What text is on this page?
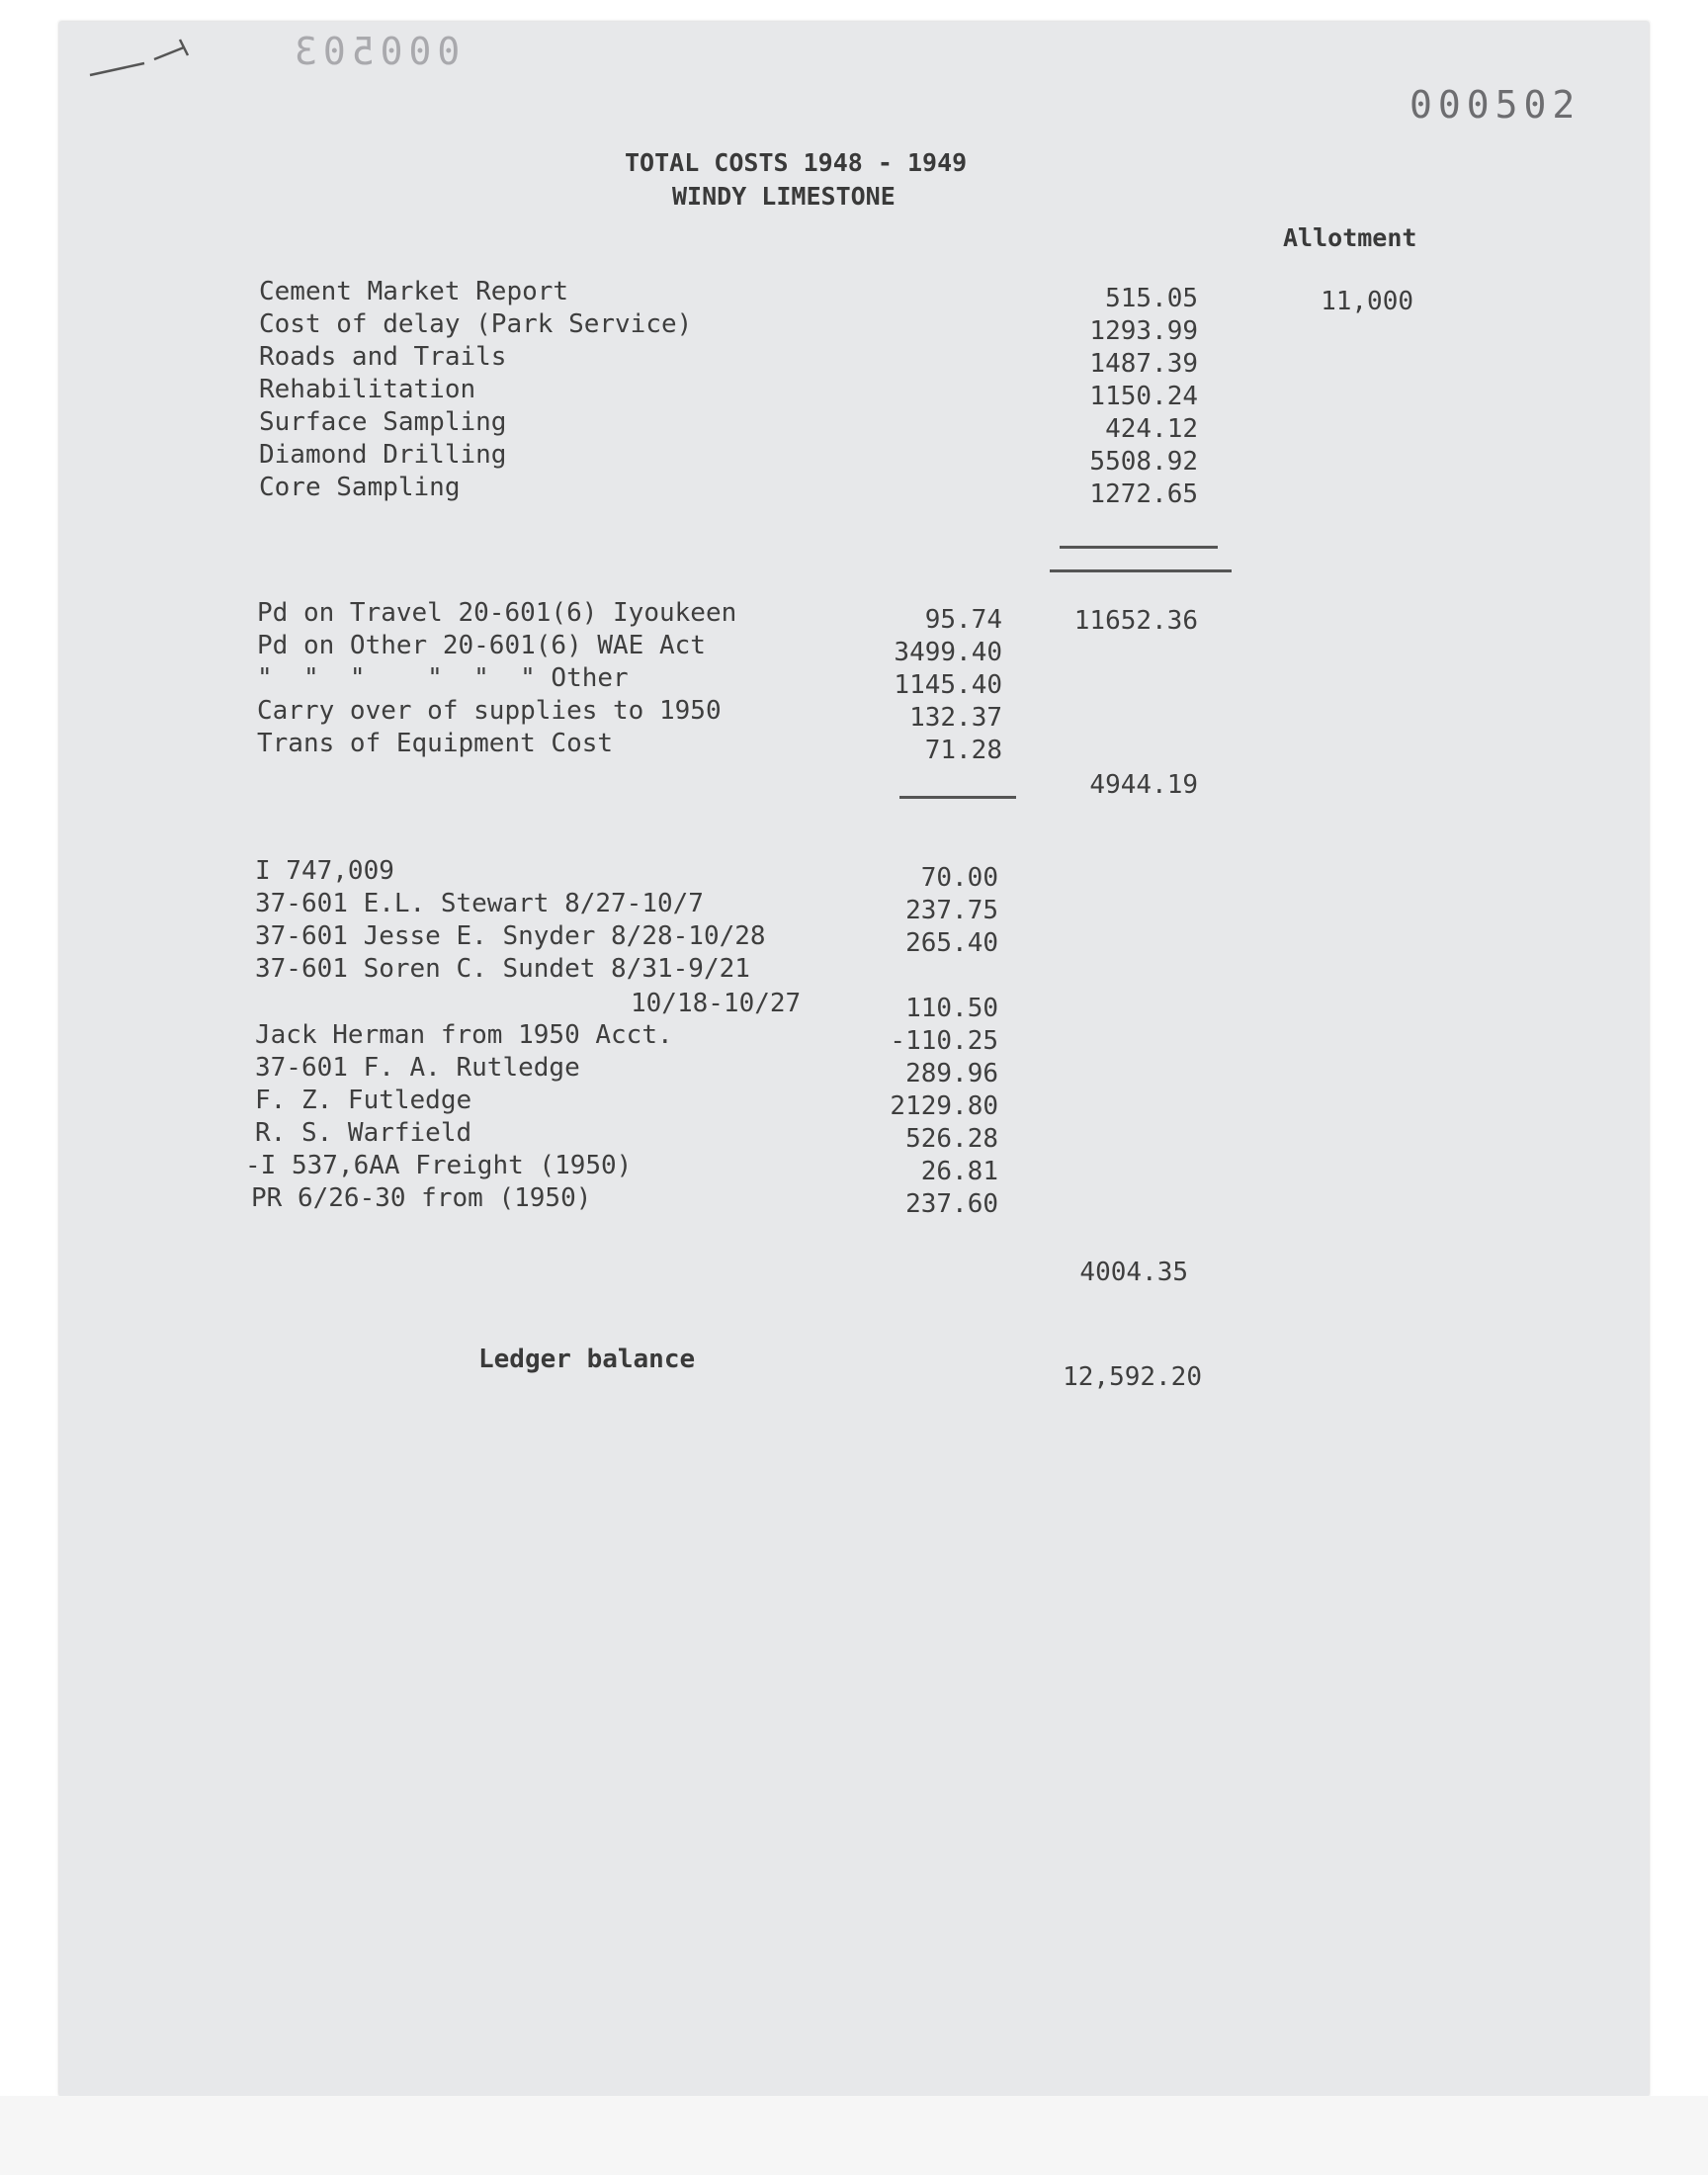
000503
000502
TOTAL COSTS 1948 - 1949
WINDY LIMESTONE
Allotment
Cement Market Report
Cost of delay (Park Service)
Roads and Trails
Rehabilitation
Surface Sampling
Diamond Drilling
Core Sampling
515.05
1293.99
1487.39
1150.24
424.12
5508.92
1272.65
11,000
Pd on Travel 20-601(6) Iyoukeen
Pd on Other 20-601(6) WAE Act
"  "  "    "  "  " Other
Carry over of supplies to 1950
Trans of Equipment Cost
95.74
3499.40
1145.40
132.37
71.28
11652.36
4944.19
I 747,009
37-601 E.L. Stewart 8/27-10/7
37-601 Jesse E. Snyder 8/28-10/28
37-601 Soren C. Sundet 8/31-9/21
10/18-10/27
Jack Herman from 1950 Acct.
37-601 F. A. Rutledge
F. Z. Futledge
R. S. Warfield
-I 537,6AA Freight (1950)
PR 6/26-30 from (1950)
70.00
237.75
265.40
110.50
-110.25
289.96
2129.80
526.28
26.81
237.60
4004.35
Ledger balance
12,592.20
